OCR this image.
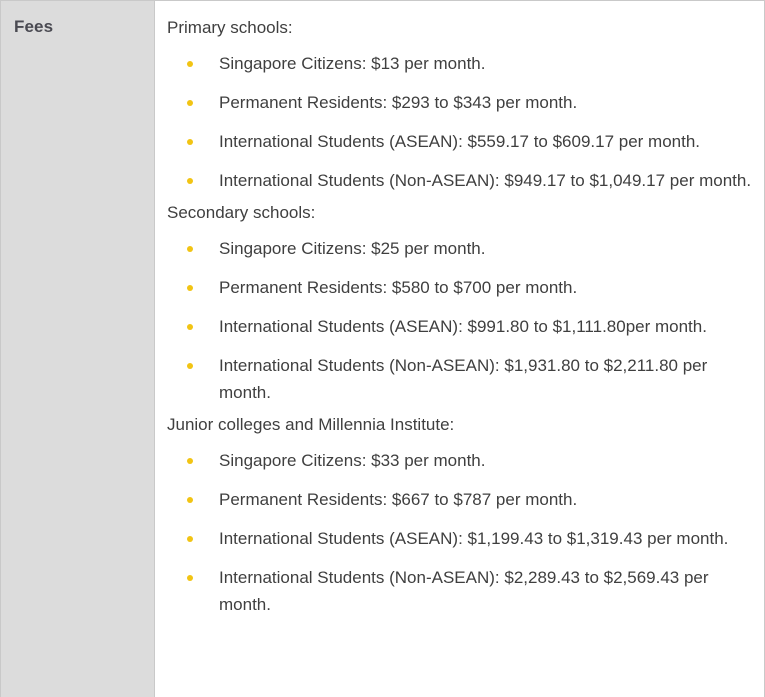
Fees	Primary schools:

Singapore Citizens: $13 per month.
Permanent Residents: $293 to $343 per month.
International Students (ASEAN): $559.17 to $609.17 per month.
International Students (Non-ASEAN): $949.17 to $1,049.17 per month.

Secondary schools:

Singapore Citizens: $25 per month.
Permanent Residents: $580 to $700 per month.
International Students (ASEAN): $991.80 to $1,111.80per month.
International Students (Non-ASEAN): $1,931.80 to $2,211.80 per month.

Junior colleges and Millennia Institute:

Singapore Citizens: $33 per month.
Permanent Residents: $667 to $787 per month.
International Students (ASEAN): $1,199.43 to $1,319.43 per month.
International Students (Non-ASEAN): $2,289.43 to $2,569.43 per month.
